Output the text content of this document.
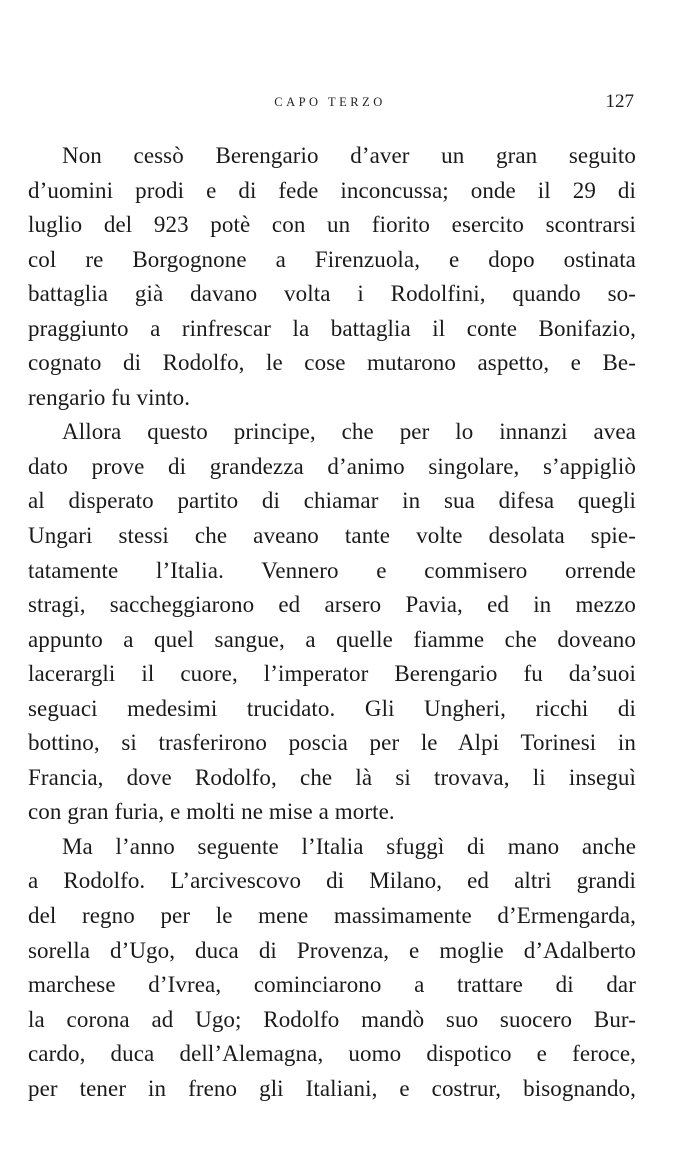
CAPO TERZO	127
Non cessò Berengario d’aver un gran seguito
d’uomini prodi e di fede inconcussa; onde il 29 di
luglio del 923 potè con un fiorito esercito scontrarsi
col re Borgognone a Firenzuola, e dopo ostinata
battaglia già davano volta i Rodolfini, quando so-
praggiunto a rinfrescar la battaglia il conte Bonifazio,
cognato di Rodolfo, le cose mutarono aspetto, e Be-
rengario fu vinto.
Allora questo principe, che per lo innanzi avea
dato prove di grandezza d’animo singolare, s’appigliò
al disperato partito di chiamar in sua difesa quegli
Ungari stessi che aveano tante volte desolata spie-
tatamente l’Italia. Vennero e commisero orrende
stragi, saccheggiarono ed arsero Pavia, ed in mezzo
appunto a quel sangue, a quelle fiamme che doveano
lacerargli il cuore, l’imperator Berengario fu da’suoi
seguaci medesimi trucidato. Gli Ungheri, ricchi di
bottino, si trasferirono poscia per le Alpi Torinesi in
Francia, dove Rodolfo, che là si trovava, li inseguì
con gran furia, e molti ne mise a morte.
Ma l’anno seguente l’Italia sfuggì di mano anche
a Rodolfo. L’arcivescovo di Milano, ed altri grandi
del regno per le mene massimamente d’Ermengarda,
sorella d’Ugo, duca di Provenza, e moglie d’Adalberto
marchese d’Ivrea, cominciarono a trattare di dar
la corona ad Ugo; Rodolfo mandò suo suocero Bur-
cardo, duca dell’Alemagna, uomo dispotico e feroce,
per tener in freno gli Italiani, e costrur, bisognando,
